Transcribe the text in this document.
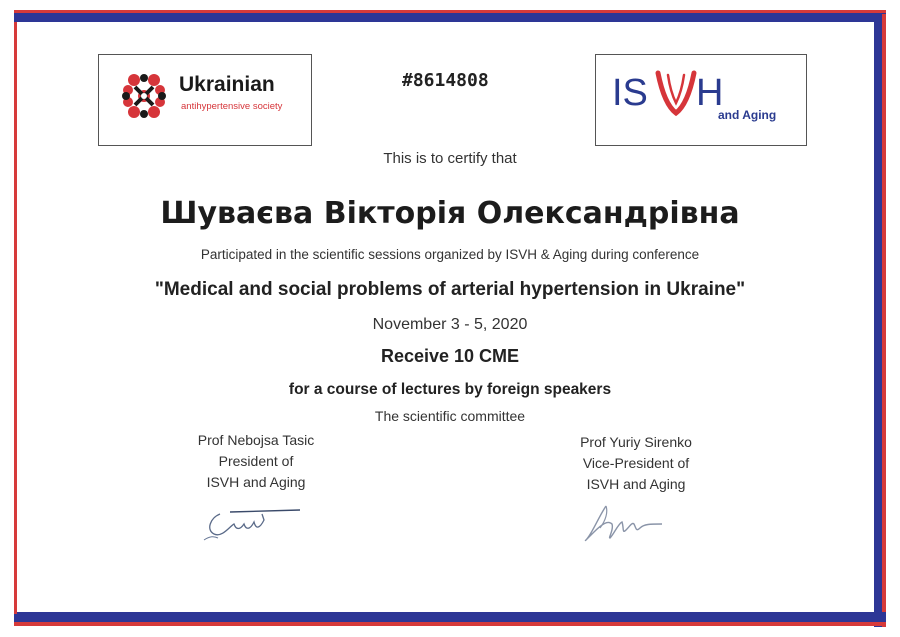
Ukrainian
antihypertensive society
#8614808	IS H
and Aging
This is to certify that
Шуваєва Вікторія Олександрівна
Participated in the scientific sessions organized by ISVH & Aging during conference
"Medical and social problems of arterial hypertension in Ukraine"
November 3 - 5, 2020
Receive 10 CME
for a course of lectures by foreign speakers
The scientific committee
Prof Nebojsa Tasic
President of
ISVH and Aging
Prof Yuriy Sirenko
Vice-President of
ISVH and Aging
